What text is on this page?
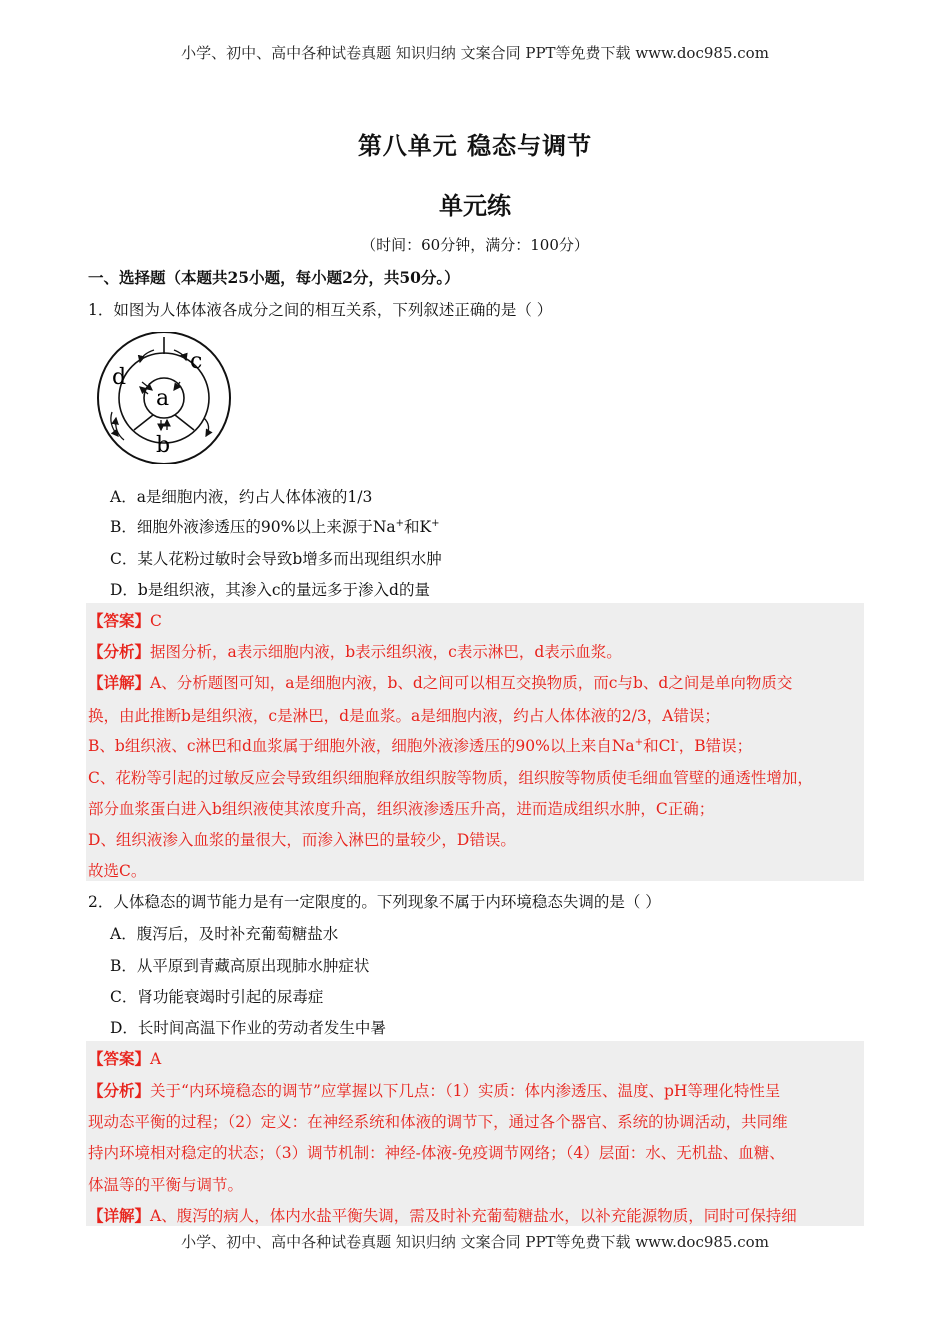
小学、初中、高中各种试卷真题 知识归纳 文案合同 PPT等免费下载 www.doc985.com
第八单元 稳态与调节
单元练
（时间：60分钟，满分：100分）
一、选择题（本题共25小题，每小题2分，共50分。）
1．如图为人体体液各成分之间的相互关系，下列叙述正确的是（ ）
a
b
c
d
A．a是细胞内液，约占人体体液的1/3
B．细胞外液渗透压的90%以上来源于Na+和K+
C．某人花粉过敏时会导致b增多而出现组织水肿
D．b是组织液，其渗入c的量远多于渗入d的量
【答案】C
【分析】据图分析，a表示细胞内液，b表示组织液，c表示淋巴，d表示血浆。
【详解】A、分析题图可知，a是细胞内液，b、d之间可以相互交换物质，而c与b、d之间是单向物质交
换，由此推断b是组织液，c是淋巴，d是血浆。a是细胞内液，约占人体体液的2/3，A错误；
B、b组织液、c淋巴和d血浆属于细胞外液，细胞外液渗透压的90%以上来自Na+和Cl-，B错误；
C、花粉等引起的过敏反应会导致组织细胞释放组织胺等物质，组织胺等物质使毛细血管壁的通透性增加，
部分血浆蛋白进入b组织液使其浓度升高，组织液渗透压升高，进而造成组织水肿，C正确；
D、组织液渗入血浆的量很大，而渗入淋巴的量较少，D错误。
故选C。
2．人体稳态的调节能力是有一定限度的。下列现象不属于内环境稳态失调的是（ ）
A．腹泻后，及时补充葡萄糖盐水
B．从平原到青藏高原出现肺水肿症状
C．肾功能衰竭时引起的尿毒症
D．长时间高温下作业的劳动者发生中暑
【答案】A
【分析】关于“内环境稳态的调节”应掌握以下几点：（1）实质：体内渗透压、温度、pH等理化特性呈
现动态平衡的过程；（2）定义：在神经系统和体液的调节下，通过各个器官、系统的协调活动，共同维
持内环境相对稳定的状态；（3）调节机制：神经-体液-免疫调节网络；（4）层面：水、无机盐、血糖、
体温等的平衡与调节。
【详解】A、腹泻的病人，体内水盐平衡失调，需及时补充葡萄糖盐水，以补充能源物质，同时可保持细
小学、初中、高中各种试卷真题 知识归纳 文案合同 PPT等免费下载 www.doc985.com
